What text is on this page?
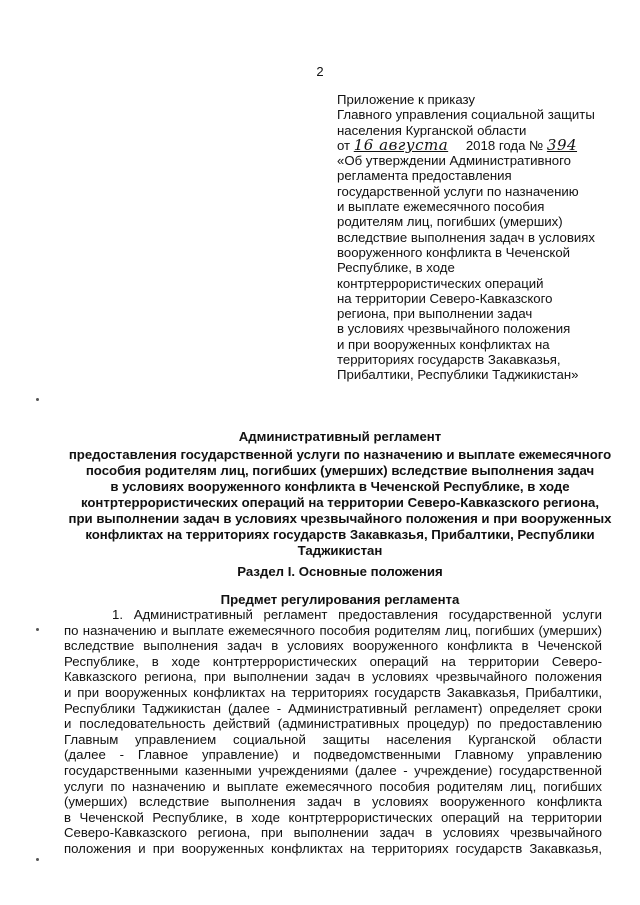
2
Приложение к приказу
Главного управления социальной защиты
населения Курганской области
от 16 августа 2018 года № 394
«Об утверждении Административного
регламента предоставления
государственной услуги по назначению
и выплате ежемесячного пособия
родителям лиц, погибших (умерших)
вследствие выполнения задач в условиях
вооруженного конфликта в Чеченской
Республике, в ходе
контртеррористических операций
на территории Северо-Кавказского
региона, при выполнении задач
в условиях чрезвычайного положения
и при вооруженных конфликтах на
территориях государств Закавказья,
Прибалтики, Республики Таджикистан»
Административный регламент
предоставления государственной услуги по назначению и выплате ежемесячного
пособия родителям лиц, погибших (умерших) вследствие выполнения задач
в условиях вооруженного конфликта в Чеченской Республике, в ходе
контртеррористических операций на территории Северо-Кавказского региона,
при выполнении задач в условиях чрезвычайного положения и при вооруженных
конфликтах на территориях государств Закавказья, Прибалтики, Республики
Таджикистан
Раздел I. Основные положения
Предмет регулирования регламента
1. Административный регламент предоставления государственной услуги
по назначению и выплате ежемесячного пособия родителям лиц, погибших (умерших)
вследствие выполнения задач в условиях вооруженного конфликта в Чеченской
Республике, в ходе контртеррористических операций на территории Северо-
Кавказского региона, при выполнении задач в условиях чрезвычайного положения
и при вооруженных конфликтах на территориях государств Закавказья, Прибалтики,
Республики Таджикистан (далее - Административный регламент) определяет сроки
и последовательность действий (административных процедур) по предоставлению
Главным управлением социальной защиты населения Курганской области
(далее - Главное управление) и подведомственными Главному управлению
государственными казенными учреждениями (далее - учреждение) государственной
услуги по назначению и выплате ежемесячного пособия родителям лиц, погибших
(умерших) вследствие выполнения задач в условиях вооруженного конфликта
в Чеченской Республике, в ходе контртеррористических операций на территории
Северо-Кавказского региона, при выполнении задач в условиях чрезвычайного
положения и при вооруженных конфликтах на территориях государств Закавказья,
